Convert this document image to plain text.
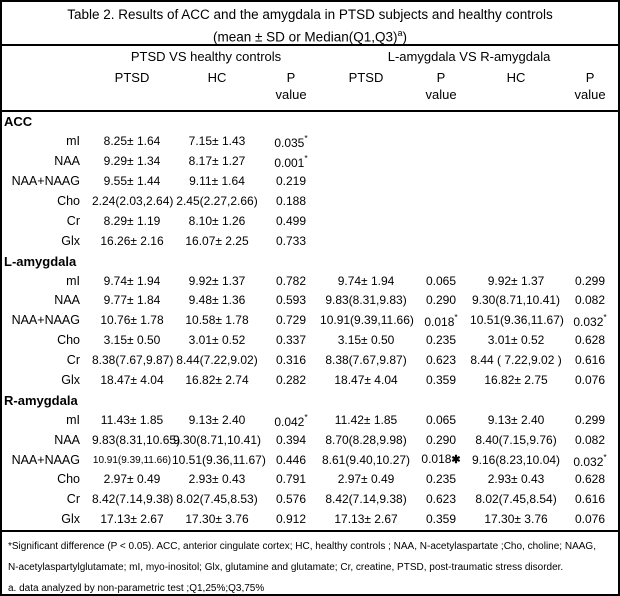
Table 2. Results of ACC and the amygdala in PTSD subjects and healthy controls
(mean ± SD or $Median(Q1,Q3)^a$)
	PTSD VS healthy controls			L-amygdala VS R-amygdala			
	PTSD	HC	P	PTSD	P	HC	P
			value		value		value
ACC							
mI	8.25± 1.64	7.15± 1.43	0.035*				
NAA	9.29± 1.34	8.17± 1.27	0.001*				
NAA+NAAG	9.55± 1.44	9.11± 1.64	0.219				
Cho	2.24(2.03,2.64)	2.45(2.27,2.66)	0.188				
Cr	8.29± 1.19	8.10± 1.26	0.499				
Glx	16.26± 2.16	16.07± 2.25	0.733				
L-amygdala							
mI	9.74± 1.94	9.92± 1.37	0.782	9.74± 1.94	0.065	9.92± 1.37	0.299
NAA	9.77± 1.84	9.48± 1.36	0.593	9.83(8.31,9.83)	0.290	9.30(8.71,10.41)	0.082
NAA+NAAG	10.76± 1.78	10.58± 1.78	0.729	10.91(9.39,11.66)	0.018*	10.51(9.36,11.67)	0.032*
Cho	3.15± 0.50	3.01± 0.52	0.337	3.15± 0.50	0.235	3.01± 0.52	0.628
Cr	8.38(7.67,9.87)	8.44(7.22,9.02)	0.316	8.38(7.67,9.87)	0.623	8.44 ( 7.22,9.02 )	0.616
Glx	18.47± 4.04	16.82± 2.74	0.282	18.47± 4.04	0.359	16.82± 2.75	0.076
R-amygdala							
mI	11.43± 1.85	9.13± 2.40	0.042*	11.42± 1.85	0.065	9.13± 2.40	0.299
NAA	9.83(8.31,10.65)	9.30(8.71,10.41)	0.394	8.70(8.28,9.98)	0.290	8.40(7.15,9.76)	0.082
NAA+NAAG	10.91(9.39,11.66)	10.51(9.36,11.67)	0.446	8.61(9.40,10.27)	0.018✱	9.16(8.23,10.04)	0.032*
Cho	2.97± 0.49	2.93± 0.43	0.791	2.97± 0.49	0.235	2.93± 0.43	0.628
Cr	8.42(7.14,9.38)	8.02(7.45,8.53)	0.576	8.42(7.14,9.38)	0.623	8.02(7.45,8.54)	0.616
Glx	17.13± 2.67	17.30± 3.76	0.912	17.13± 2.67	0.359	17.30± 3.76	0.076
*Significant difference (P < 0.05). ACC, anterior cingulate cortex; HC, healthy controls ; NAA, N-acetylaspartate ;Cho, choline; NAAG,
N-acetylaspartylglutamate; mI, myo-inositol; Glx, glutamine and glutamate; Cr, creatine, PTSD, post-traumatic stress disorder.
a. data analyzed by non-parametric test ;Q1,25%;Q3,75%
